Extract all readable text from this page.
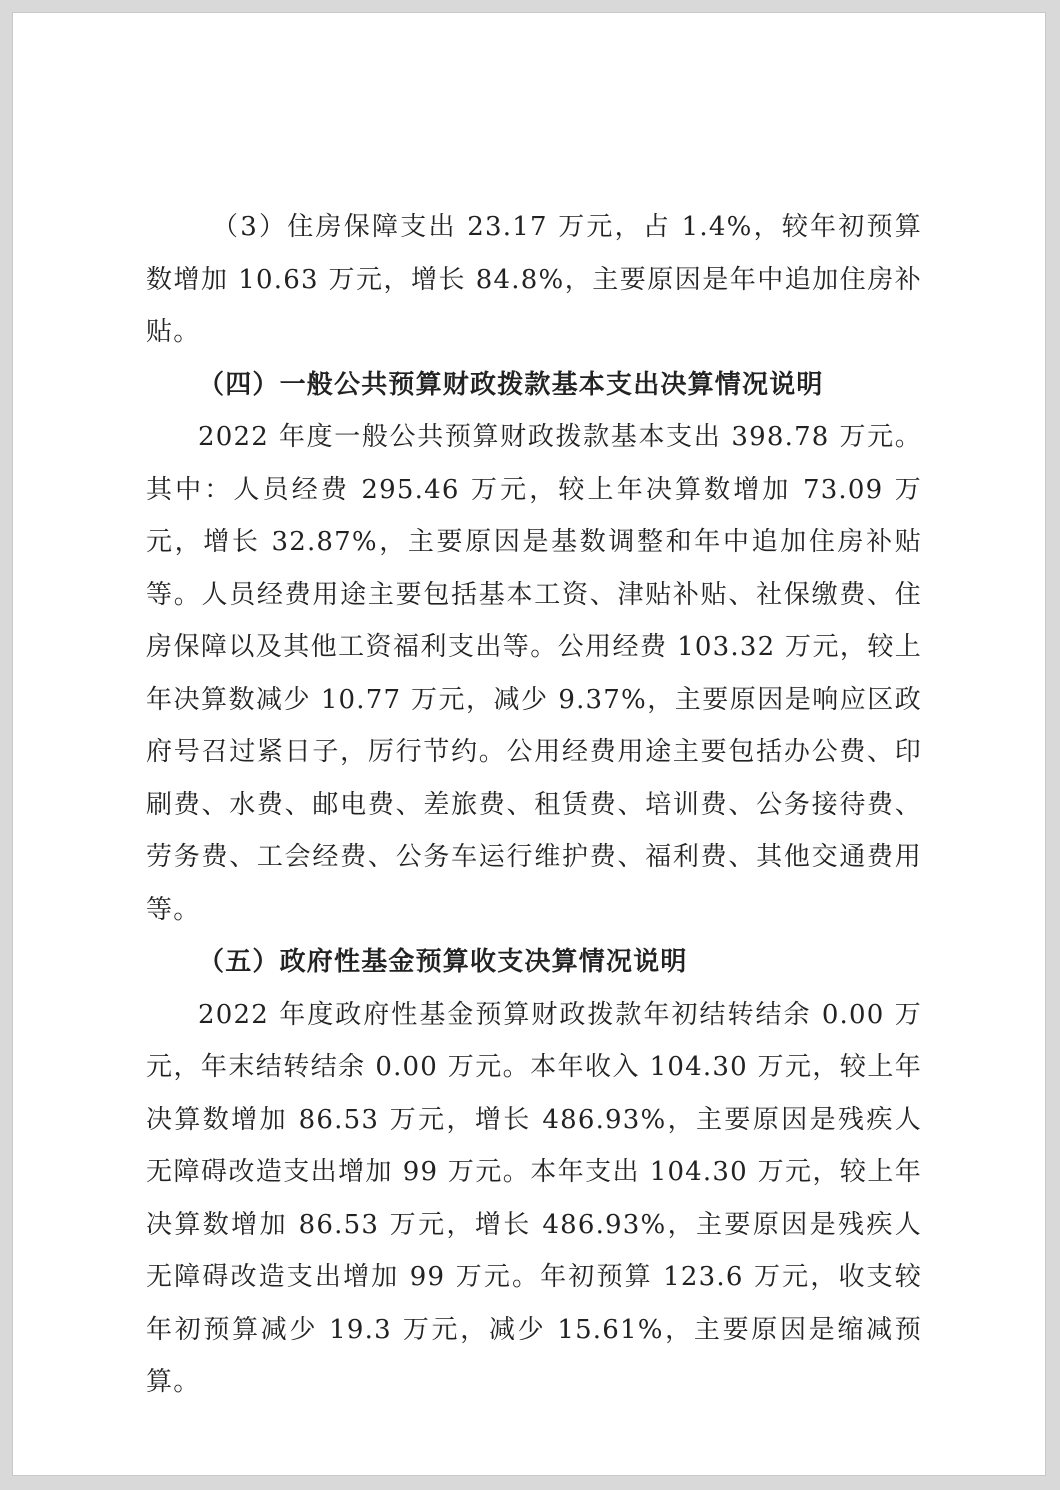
（3）住房保障支出 23.17 万元，占 1.4%，较年初预算数增加 10.63 万元，增长 84.8%，主要原因是年中追加住房补贴。

（四）一般公共预算财政拨款基本支出决算情况说明

2022 年度一般公共预算财政拨款基本支出 398.78 万元。其中：人员经费 295.46 万元，较上年决算数增加 73.09 万元，增长 32.87%，主要原因是基数调整和年中追加住房补贴等。人员经费用途主要包括基本工资、津贴补贴、社保缴费、住房保障以及其他工资福利支出等。公用经费 103.32 万元，较上年决算数减少 10.77 万元，减少 9.37%，主要原因是响应区政府号召过紧日子，厉行节约。公用经费用途主要包括办公费、印刷费、水费、邮电费、差旅费、租赁费、培训费、公务接待费、劳务费、工会经费、公务车运行维护费、福利费、其他交通费用等。

（五）政府性基金预算收支决算情况说明

2022 年度政府性基金预算财政拨款年初结转结余 0.00 万元，年末结转结余 0.00 万元。本年收入 104.30 万元，较上年决算数增加 86.53 万元，增长 486.93%，主要原因是残疾人无障碍改造支出增加 99 万元。本年支出 104.30 万元，较上年决算数增加 86.53 万元，增长 486.93%，主要原因是残疾人无障碍改造支出增加 99 万元。年初预算 123.6 万元，收支较年初预算减少 19.3 万元，减少 15.61%，主要原因是缩减预算。
